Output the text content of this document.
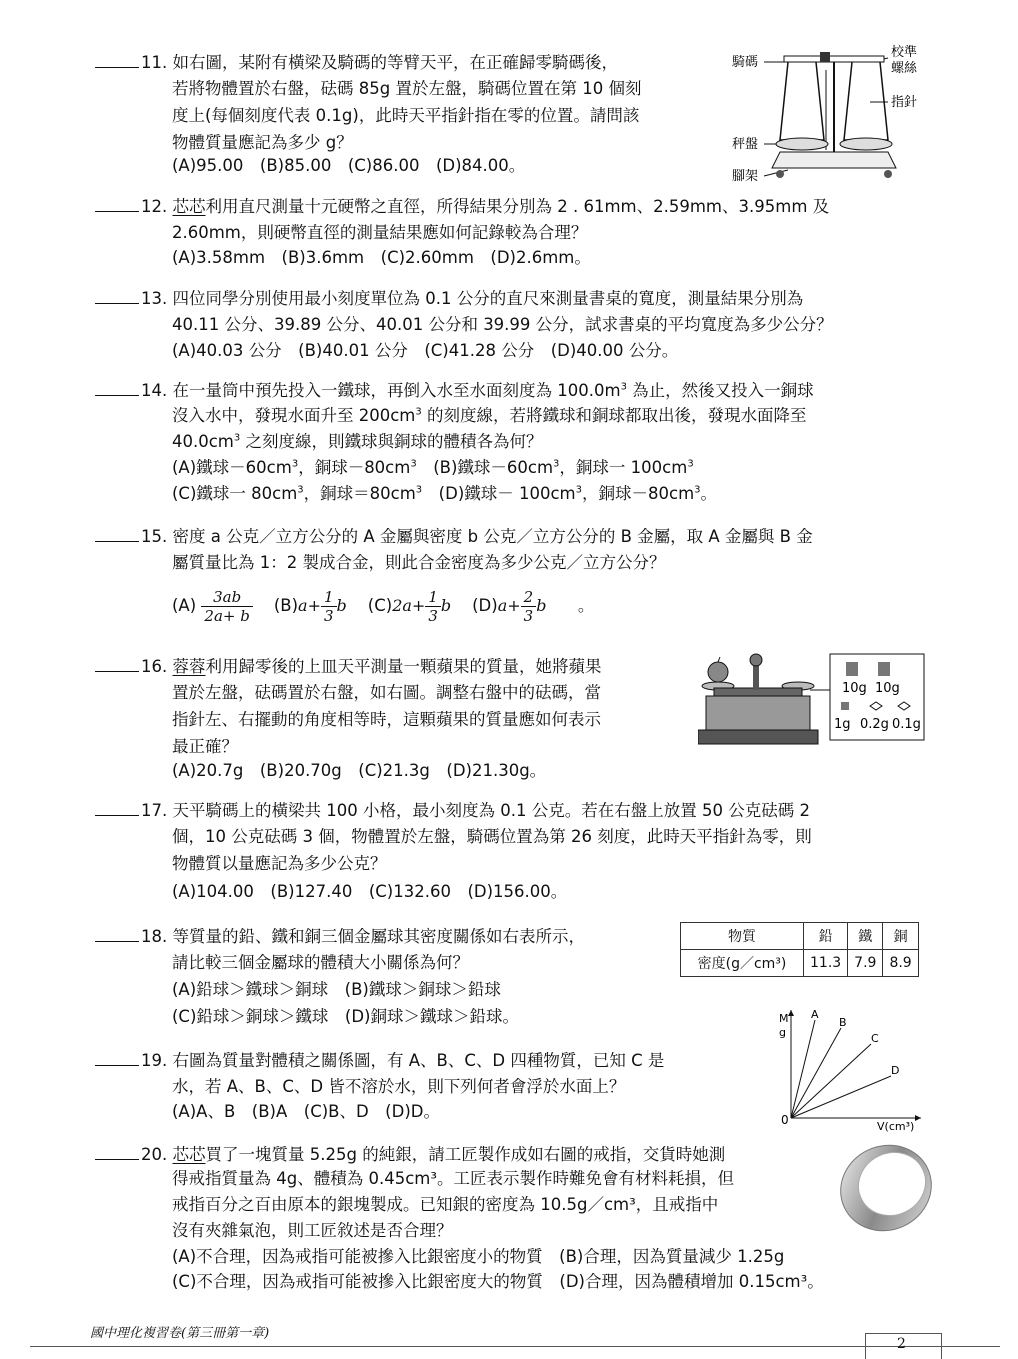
11. 如右圖，某附有橫梁及騎碼的等臂天平，在正確歸零騎碼後，
若將物體置於右盤，砝碼 85g 置於左盤，騎碼位置在第 10 個刻
度上(每個刻度代表 0.1g)，此時天平指針指在零的位置。請問該
物體質量應記為多少 g？
(A)95.00　(B)85.00　(C)86.00　(D)84.00。
騎碼
校準
螺絲
指針
秤盤
腳架
12. 芯芯利用直尺測量十元硬幣之直徑，所得結果分別為 2 . 61mm、2.59mm、3.95mm 及
2.60mm，則硬幣直徑的測量結果應如何記錄較為合理？
(A)3.58mm　(B)3.6mm　(C)2.60mm　(D)2.6mm。
13. 四位同學分別使用最小刻度單位為 0.1 公分的直尺來測量書桌的寬度，測量結果分別為
40.11 公分、39.89 公分、40.01 公分和 39.99 公分，試求書桌的平均寬度為多少公分？
(A)40.03 公分　(B)40.01 公分　(C)41.28 公分　(D)40.00 公分。
14. 在一量筒中預先投入一鐵球，再倒入水至水面刻度為 $100.0m^3$ 為止，然後又投入一銅球
沒入水中，發現水面升至 $200cm^3$ 的刻度線，若將鐵球和銅球都取出後，發現水面降至
$40.0cm^3$ 之刻度線，則鐵球與銅球的體積各為何？
(A)鐵球$-60cm^3$，銅球$-80cm^3$　(B)鐵球$-60cm^3$，銅球一 $100cm^3$
(C)鐵球一 $80cm^3$，銅球$=80cm^3$　(D)鐵球－ $100cm^3$，銅球$-80cm^3$。
15. 密度 a 公克／立方公分的 A 金屬與密度 b 公克／立方公分的 B 金屬，取 A 金屬與 B 金
屬質量比為 1：2 製成合金，則此合金密度為多少公克／立方公分？
$(A) \frac{3ab}{2a+ b} (B)a+ \frac{1}{3}$ b $(C)2a+ \frac{1}{3}$ b $(D)a+ \frac{2}{3}$ b 。
16. 蓉蓉利用歸零後的上皿天平測量一顆蘋果的質量，她將蘋果
置於左盤，砝碼置於右盤，如右圖。調整右盤中的砝碼，當
指針左、右擺動的角度相等時，這顆蘋果的質量應如何表示
最正確？
(A)20.7g　(B)20.70g　(C)21.3g　(D)21.30g。
10g 10g
1g 0.2g 0.1g
17. 天平騎碼上的橫梁共 100 小格，最小刻度為 0.1 公克。若在右盤上放置 50 公克砝碼 2
個，10 公克砝碼 3 個，物體置於左盤，騎碼位置為第 26 刻度，此時天平指針為零，則
物體質以量應記為多少公克？
(A)104.00　(B)127.40　(C)132.60　(D)156.00。
18. 等質量的鉛、鐵和銅三個金屬球其密度關係如右表所示，
請比較三個金屬球的體積大小關係為何？
(A)鉛球＞鐵球＞銅球　(B)鐵球＞銅球＞鉛球
(C)鉛球＞銅球＞鐵球　(D)銅球＞鐵球＞鉛球。
物質	鉛	鐵	銅
密度(g／cm³)	11.3	7.9	8.9
19. 右圖為質量對體積之關係圖，有 A、B、C、D 四種物質，已知 C 是
水，若 A、B、C、D 皆不溶於水，則下列何者會浮於水面上？
(A)A、B　(B)A　(C)B、D　(D)D。
M
g
0	V(cm³)
A
B
C
D
20. 芯芯買了一塊質量 5.25g 的純銀，請工匠製作成如右圖的戒指，交貨時她測
得戒指質量為 4g、體積為 0.45cm³。工匠表示製作時難免會有材料耗損，但
戒指百分之百由原本的銀塊製成。已知銀的密度為 10.5g／cm³，且戒指中
沒有夾雜氣泡，則工匠敘述是否合理？
(A)不合理，因為戒指可能被摻入比銀密度小的物質　(B)合理，因為質量減少 1.25g
(C)不合理，因為戒指可能被摻入比銀密度大的物質　(D)合理，因為體積增加 0.15cm³。
國中理化複習卷(第三冊第一章)
2
